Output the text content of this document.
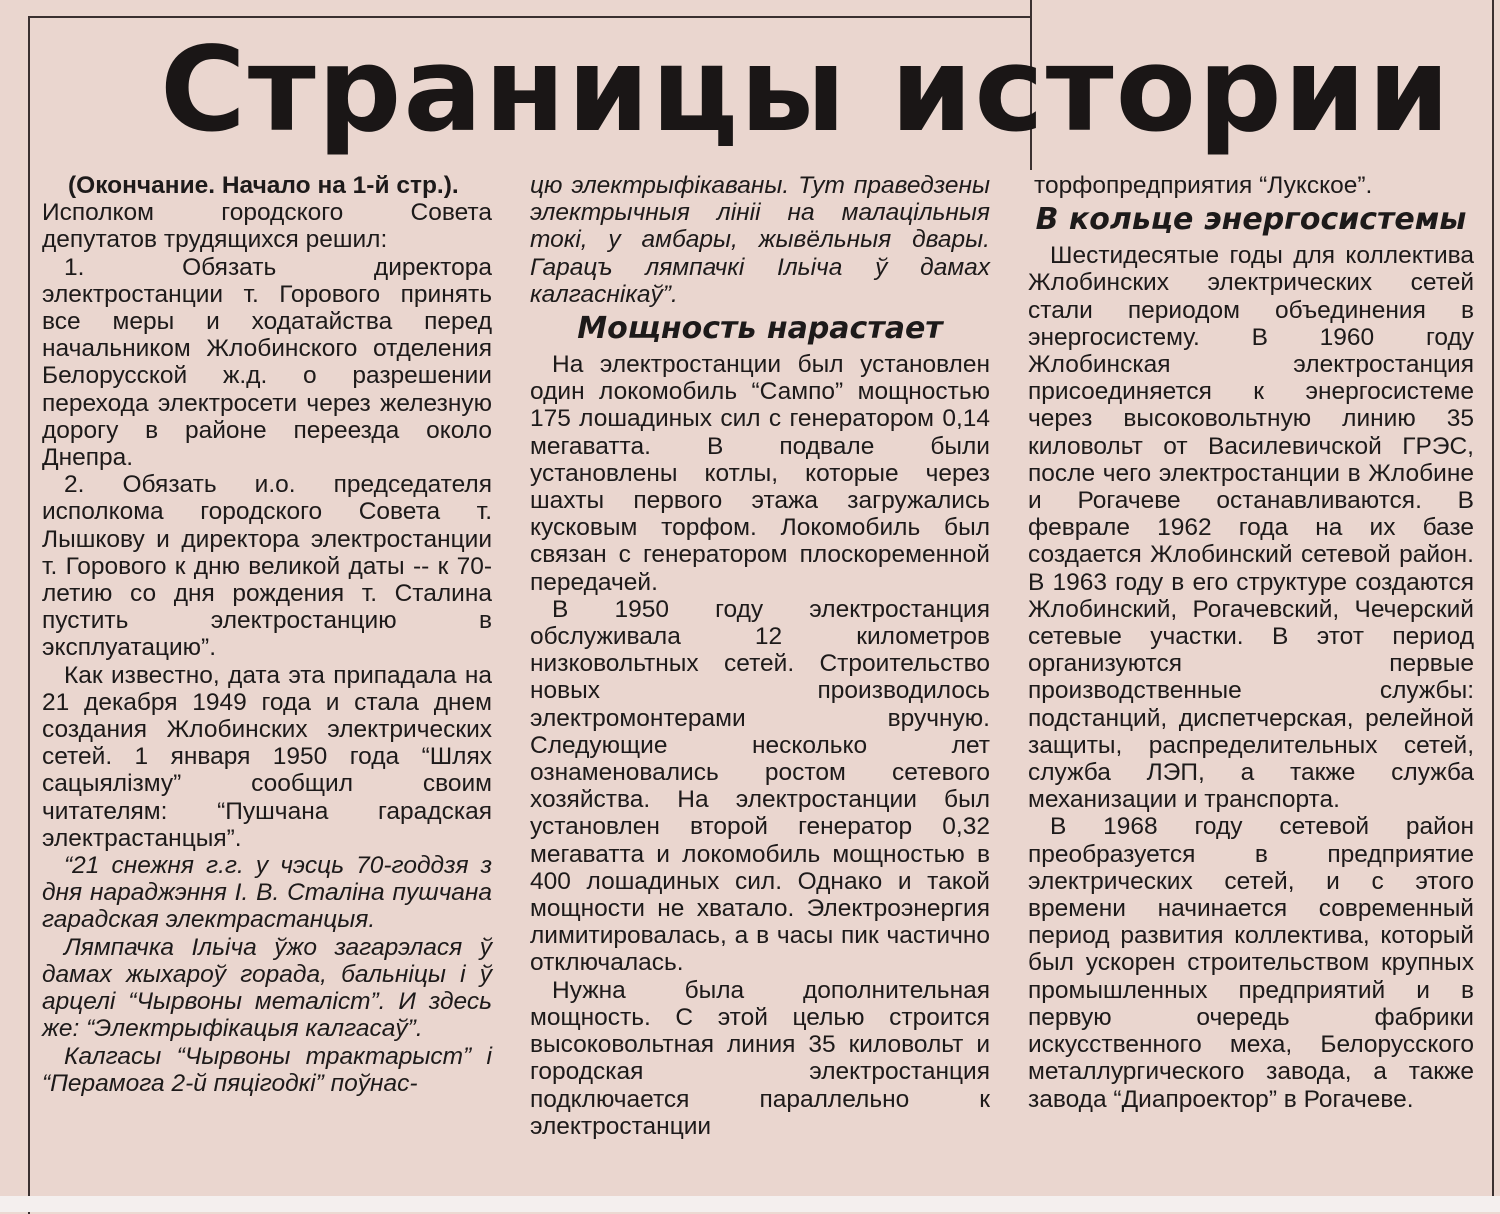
Страницы истории

(Окончание. Начало на 1-й стр.).

Исполком городского Совета депутатов трудящихся решил:

1. Обязать директора электростанции т. Горового принять все меры и ходатайства перед начальником Жлобинского отделения Белорусской ж.д. о разрешении перехода электросети через железную дорогу в районе переезда около Днепра.

2. Обязать и.о. председателя исполкома городского Совета т. Лышкову и директора электростанции т. Горового к дню великой даты -- к 70-летию со дня рождения т. Сталина пустить электростанцию в эксплуатацию”.

Как известно, дата эта припадала на 21 декабря 1949 года и стала днем создания Жлобинских электрических сетей. 1 января 1950 года “Шлях сацыялізму” сообщил своим читателям: “Пушчана гарадская электрастанцыя”.

“21 снежня г.г. у чэсць 70-годдзя з дня нараджэння І. В. Сталіна пушчана гарадская электрастанцыя.

Лямпачка Ільіча ўжо загарэлася ў дамах жыхароў горада, бальніцы і ў арцелі “Чырвоны металіст”. И здесь же: “Электрыфікацыя калгасаў”.

Калгасы “Чырвоны трактарыст” і “Перамога 2-й пяцігодкі” поўнас-

цю электрыфікаваны. Тут праведзены электрычныя лініі на малацільныя токі, у амбары, жывёльныя двары. Гарацъ лямпачкі Ільіча ў дамах калгаснікаў”.

Мощность нарастает

На электростанции был установлен один локомобиль “Сампо” мощностью 175 лошадиных сил с генератором 0,14 мегаватта. В подвале были установлены котлы, которые через шахты первого этажа загружались кусковым торфом. Локомобиль был связан с генератором плоскоременной передачей.

В 1950 году электростанция обслуживала 12 километров низковольтных сетей. Строительство новых производилось электромонтерами вручную. Следующие несколько лет ознаменовались ростом сетевого хозяйства. На электростанции был установлен второй генератор 0,32 мегаватта и локомобиль мощностью в 400 лошадиных сил. Однако и такой мощности не хватало. Электроэнергия лимитировалась, а в часы пик частично отключалась.

Нужна была дополнительная мощность. С этой целью строится высоковольтная линия 35 киловольт и городская электростанция подключается параллельно к электростанции

торфопредприятия “Лукское”.

В кольце энергосистемы

Шестидесятые годы для коллектива Жлобинских электрических сетей стали периодом объединения в энергосистему. В 1960 году Жлобинская электростанция присоединяется к энергосистеме через высоковольтную линию 35 киловольт от Василевичской ГРЭС, после чего электростанции в Жлобине и Рогачеве останавливаются. В феврале 1962 года на их базе создается Жлобинский сетевой район. В 1963 году в его структуре создаются Жлобинский, Рогачевский, Чечерский сетевые участки. В этот период организуются первые производственные службы: подстанций, диспетчерская, релейной защиты, распределительных сетей, служба ЛЭП, а также служба механизации и транспорта.

В 1968 году сетевой район преобразуется в предприятие электрических сетей, и с этого времени начинается современный период развития коллектива, который был ускорен строительством крупных промышленных предприятий и в первую очередь фабрики искусственного меха, Белорусского металлургического завода, а также завода “Диапроектор” в Рогачеве.
